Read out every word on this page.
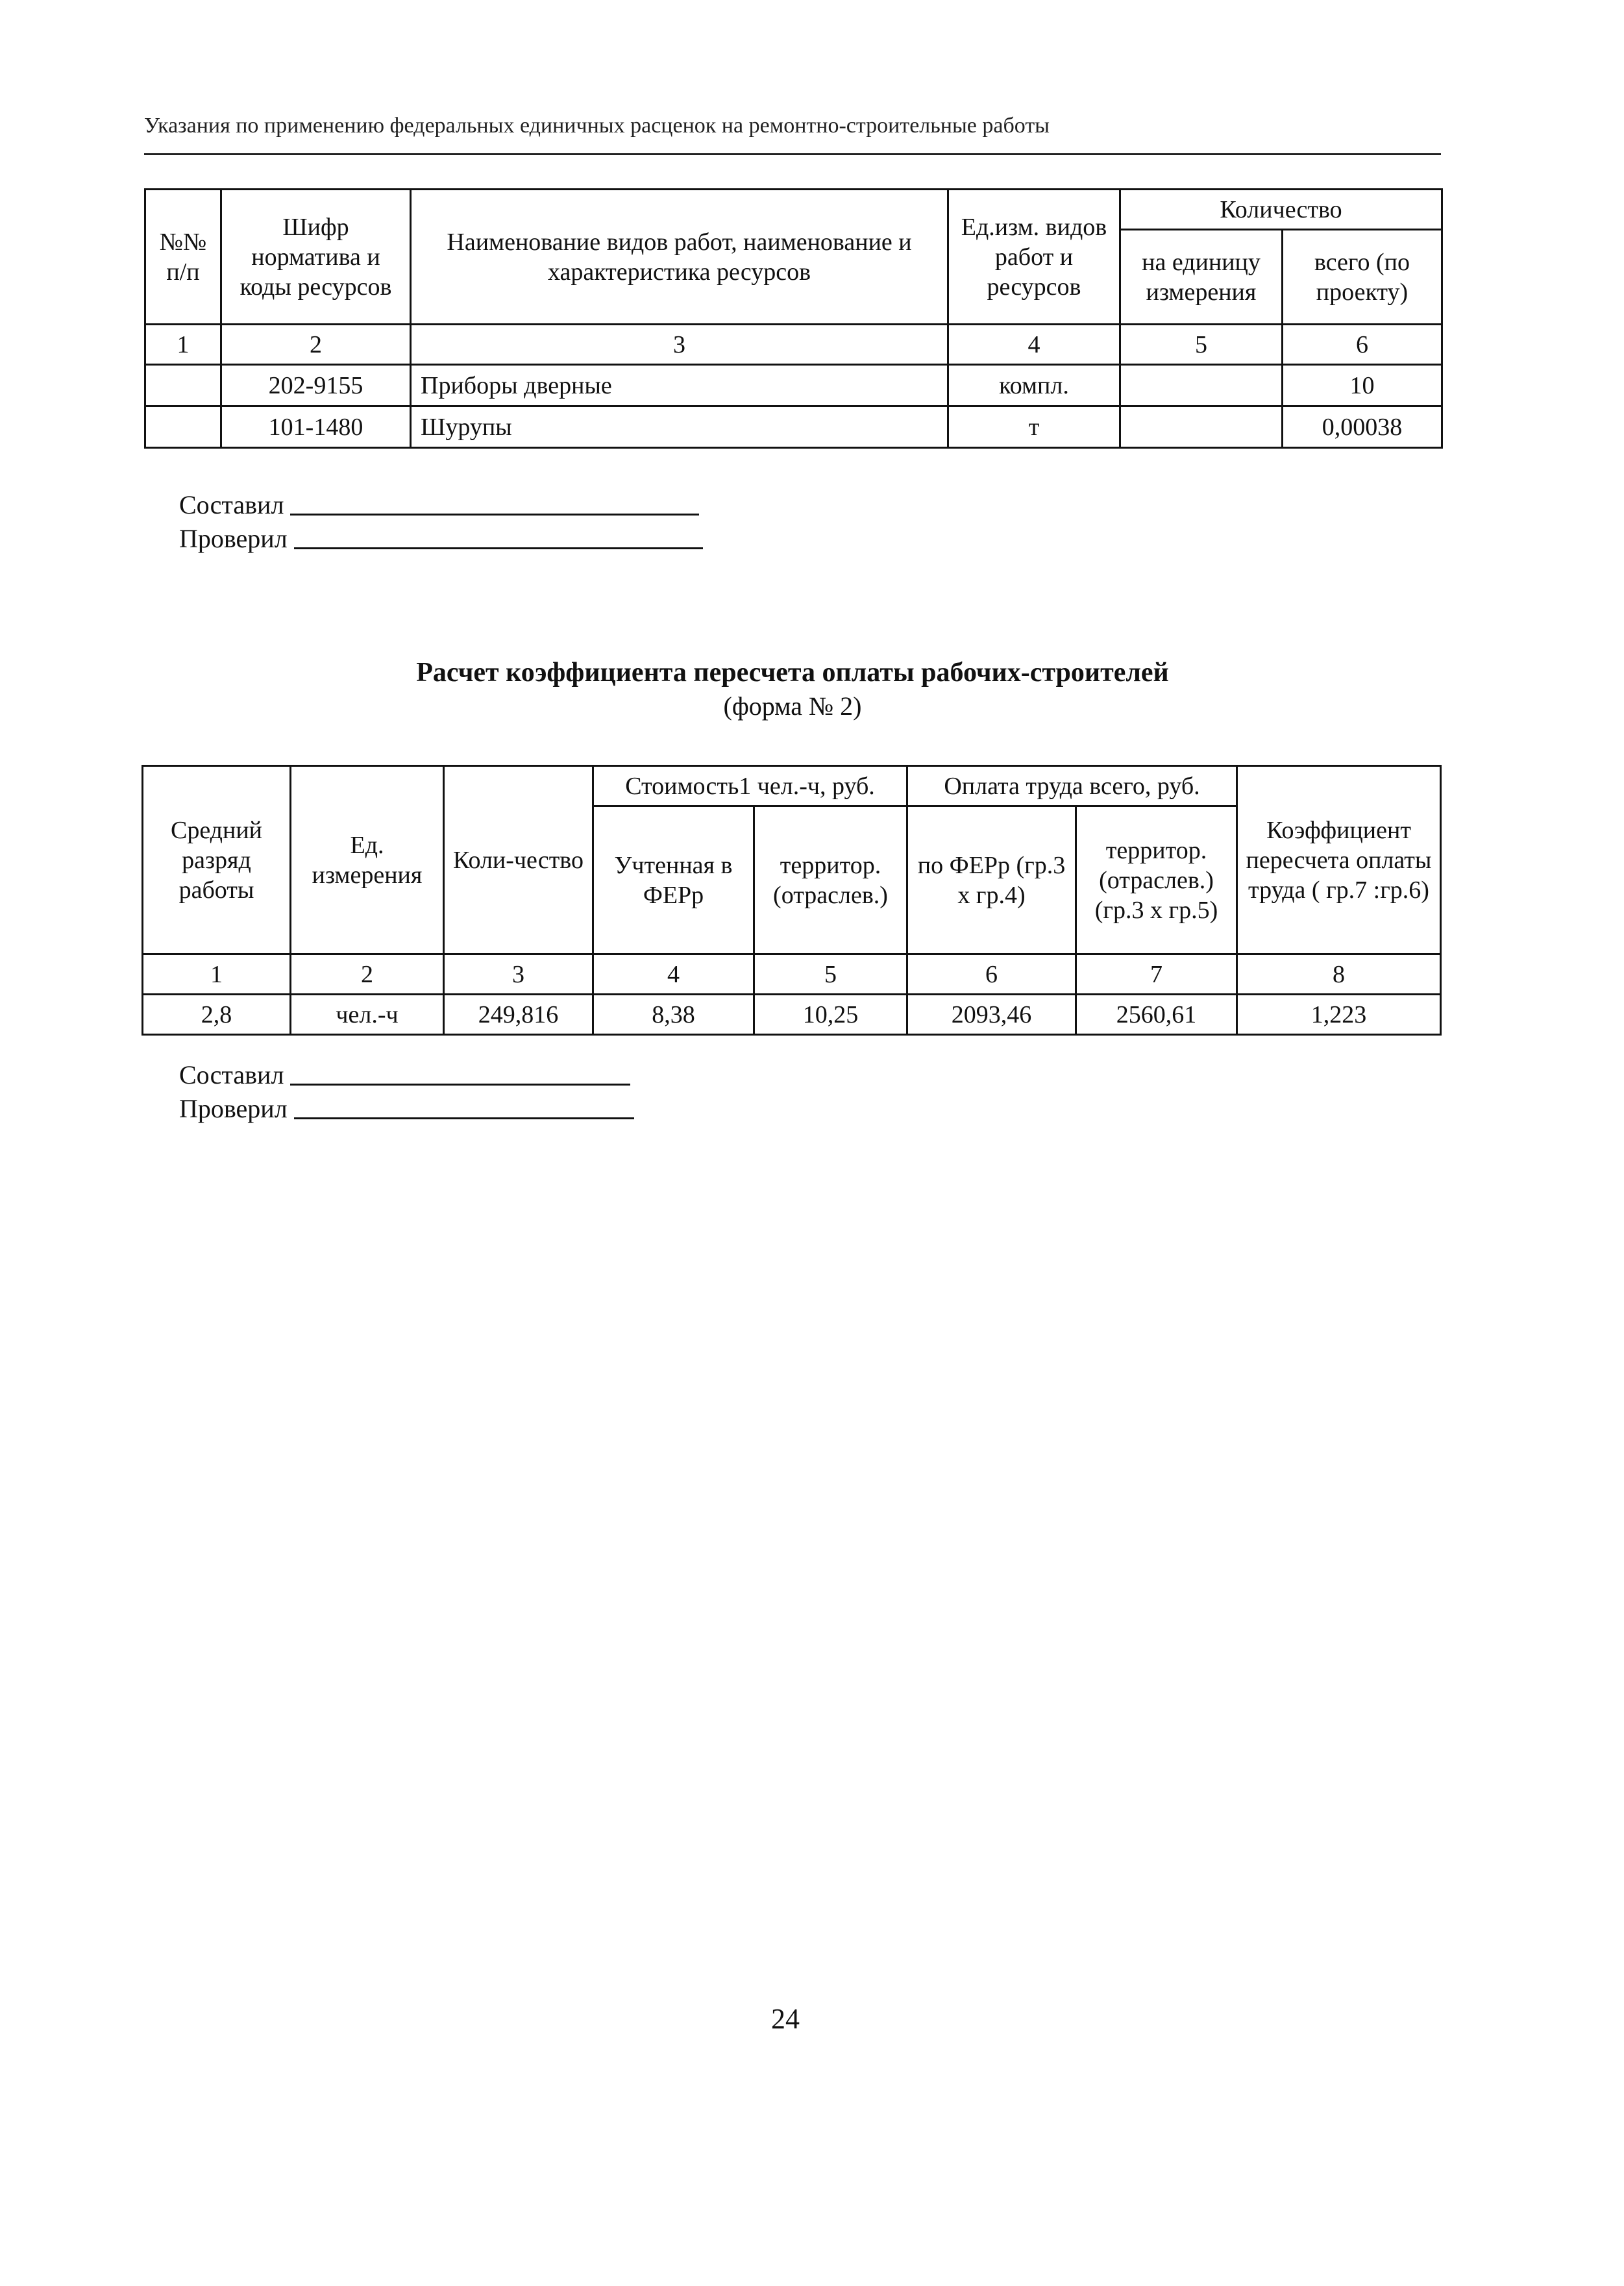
Указания по применению федеральных единичных расценок на ремонтно-строительные работы
№№ п/п	Шифр норматива и коды ресурсов	Наименование видов работ, наименование и характеристика ресурсов	Ед.изм. видов работ и ресурсов	Количество	
				на единицу измерения	всего (по проекту)
1	2	3	4	5	6
	202-9155	Приборы дверные	компл.		10
	101-1480	Шурупы	т		0,00038
Составил
Проверил
Расчет коэффициента пересчета оплаты рабочих-строителей
(форма № 2)
Средний разряд работы	Ед. измерения	Коли-чество	Стоимость1 чел.-ч, руб.		Оплата труда всего, руб.		Коэффициент пересчета оплаты труда ( гр.7 :гр.6)
			Учтенная в ФЕРр	территор. (отраслев.)	по ФЕРр (гр.3 х гр.4)	территор. (отраслев.) (гр.3 х гр.5)	
1	2	3	4	5	6	7	8
2,8	чел.-ч	249,816	8,38	10,25	2093,46	2560,61	1,223
Составил
Проверил
24
